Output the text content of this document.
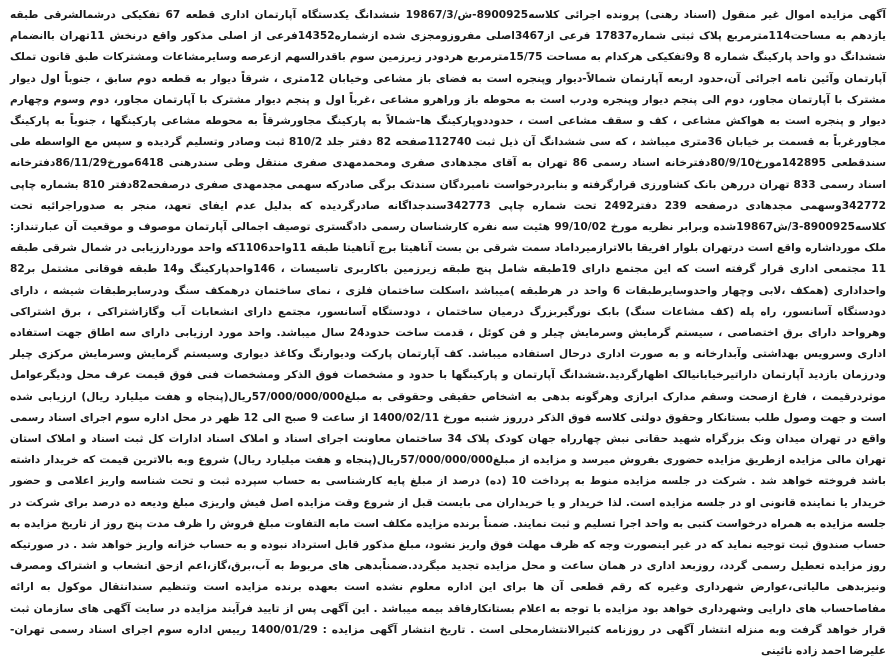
آگهی مزایده اموال غیر منقول (اسناد رهنی) پرونده اجرائی کلاسه8900925-ش/19867/3 ششدانگ یکدستگاه آپارتمان اداری قطعه 67 تفکیکی درشمالشرقی طبقه یازدهم به مساحت114مترمربع پلاک ثبتی شماره17837 فرعی از3467اصلی مفروزومجزی شده ازشماره14352فرعی از اصلی مذکور واقع درنخش 11تهران باانضمام ششدانگ دو واحد پارکینگ شماره 8 و9تفکیکی هرکدام به مساحت 15/75مترمربع هردودر زیرزمین سوم باقدرالسهم ازعرصه وسایرمشاعات ومشترکات طبق قانون تملک آپارتمان وآئین نامه اجرائی آن،حدود اربعه آپارتمان شمالاً-دیوار وپنجره است به فضای باز مشاعی وخیابان 12متری ، شرقاً دیوار به قطعه دوم سابق ، جنوباً اول دیوار مشترک با آپارتمان مجاور، دوم الی پنجم دیوار وپنجره ودرب است به محوطه باز وراهرو مشاعی ،غرباً اول و پنجم دیوار مشترک با آپارتمان مجاور، دوم وسوم وچهارم دیوار و پنجره است به هواکش مشاعی ، کف و سقف مشاعی است ، حدوددوپارکینگ ها-شمالاً به پارکینگ مجاورشرقاً به محوطه مشاعی پارکینگها ، جنوباً به پارکینگ مجاورغرباً به قسمت بر خیابان 36متری میباشد ، که سی ششدانگ آن ذیل ثبت 112740صفحه 82 دفتر جلد 810/2 ثبت وصادر وتسلیم گردیده و سپس مع الواسطه طی سندقطعی 142895مورخ80/9/10دفترخانه اسناد رسمی 86 تهران به آقای مجدهادی صفری ومحمدمهدی صفری منتقل وطی سندرهنی 6418مورخ86/11/29دفترخانه اسناد رسمی 833 تهران دررهن بانک کشاورزی قرارگرفته و بنابردرخواست نامبردگان سندتک برگی صادرکه سهمی مجدمهدی صفری درصفحه82دفتر 810 بشماره چاپی 342772وسهمی مجدهادی درصفحه 239 دفتر2492 تحت شماره چاپی 342773سندجداگانه صادرگردیده که بدلیل عدم ایفای تعهد، منجر به صدوراجرائیه تحت کلاسه8900925-3/ش19867شده وبرابر نظریه مورخ 99/10/02 هئیت سه نفره کارشناسان رسمی دادگستری توصیف اجمالی آپارتمان موصوف و موقعیت آن عبارتنداز: ملک مورداشاره واقع است درتهران بلوار افریقا بالاترازمیرداماد سمت شرقی بن بست آناهیتا برج آناهیتا طبقه 11واحد1106که واحد موردارزیابی در شمال شرقی طبقه 11 مجتمعی اداری قرار گرفته است که این مجتمع دارای 19طبقه شامل پنج طبقه زیرزمین باکاربری تاسیسات ، 146واحدپارکینگ و14 طبقه فوقانی مشتمل بر82 واحداداری (همکف ،لابی وچهار واحدوسایرطبقات 6 واحد در هرطبقه )میباشد ،اسکلت ساختمان فلزی ، نمای ساختمان درهمکف سنگ ودرسایرطبقات شیشه ، دارای دودستگاه آسانسور، راه پله (کف مشاعات سنگ) بابک نورگیربزرگ درمیان ساختمان ، دودستگاه آسانسور، مجتمع دارای انشعابات آب وگازاشتراکی ، برق اشتراکی وهرواحد دارای برق اختصاصی ، سیستم گرمایش وسرمایش چیلر و فن کوئل ، قدمت ساخت حدود24 سال میباشد. واحد مورد ارزیابی دارای سه اطاق جهت استفاده اداری وسرویس بهداشتی وآبدارخانه و به صورت اداری درحال استفاده میباشد. کف آپارتمان پارکت ودیوارنگ وکاغذ دیواری وسیستم گرمایش وسرمایش مرکزی چیلر ودرزمان بازدید آپارتمان داراتیرخیابانیالک اظهارگردید.ششدانگ آپارتمان و پارکینگها با حدود و مشخصات فوق الذکر ومشخصات فنی فوق قیمت عرف محل ودیگرعوامل موثردرقیمت ، فارغ ازصحت وسقم مدارک ابرازی وهرگونه بدهی به اشخاص حقیقی وحقوقی به مبلغ57/000/000/000ریال(پنجاه و هفت میلیارد ریال) ارزیابی شده است و جهت وصول طلب بستانکار وحقوق دولتی کلاسه فوق الذکر درروز شنبه مورخ 1400/02/11 از ساعت 9 صبح الی 12 ظهر در محل اداره سوم اجرای اسناد رسمی واقع در تهران میدان ونک بزرگراه شهید حقانی نبش چهارراه جهان کودک پلاک 34 ساختمان معاونت اجرای اسناد و املاک اسناد ادارات کل ثبت اسناد و املاک استان تهران مالی مزایده ازطریق مزایده حضوری بفروش میرسد و مزایده از مبلغ57/000/000/000ریال(پنجاه و هفت میلیارد ریال) شروع وبه بالاترین قیمت که خریدار داشته باشد فروخته خواهد شد . شرکت در جلسه مزایده منوط به پرداخت 10 (ده) درصد از مبلغ پایه کارشناسی به حساب سپرده ثبت و تحت شناسه واریز اعلامی و حضور خریدار یا نماینده قانونی او در جلسه مزایده است. لذا خریدار و یا خریداران می بایست قبل از شروع وقت مزایده اصل فیش واریزی مبلغ ودیعه ده درصد برای شرکت در جلسه مزایده به همراه درخواست کتبی به واحد اجرا تسلیم و ثبت نمایند. ضمناً برنده مزایده مکلف است مابه التفاوت مبلغ فروش را ظرف مدت پنج روز از تاریخ مزایده به حساب صندوق ثبت توجیه نماید که در غیر اینصورت وجه که ظرف مهلت فوق واریز نشود، مبلغ مذکور قابل استرداد نبوده و به حساب خزانه واریز خواهد شد . در صورتیکه روز مزایده تعطیل رسمی گردد، روزبعد اداری در همان ساعت و محل مزایده تجدید میگردد.ضمناًبدهی های مربوط به آب،برق،گاز،اعم ازحق انشعاب و اشتراک ومصرف ونیزبدهی مالیاتی،عوارض شهرداری وغیره که رقم قطعی آن ها برای این اداره معلوم نشده است بعهده برنده مزایده است وتنظیم سندانتقال موکول به ارائه مفاصاحساب های دارایی وشهرداری خواهد بود مزایده با توجه به اعلام بستانکارفاقد بیمه میباشد . این آگهی پس از تایید فرآیند مزایده در سایت آگهی های سازمان ثبت قرار خواهد گرفت وبه منزله انتشار آگهی در روزنامه کثیرالانتشارمحلی است . تاریخ انتشار آگهی مزایده : 1400/01/29 رییس اداره سوم اجرای اسناد رسمی تهران- علیرضا احمد زاده نائینی
